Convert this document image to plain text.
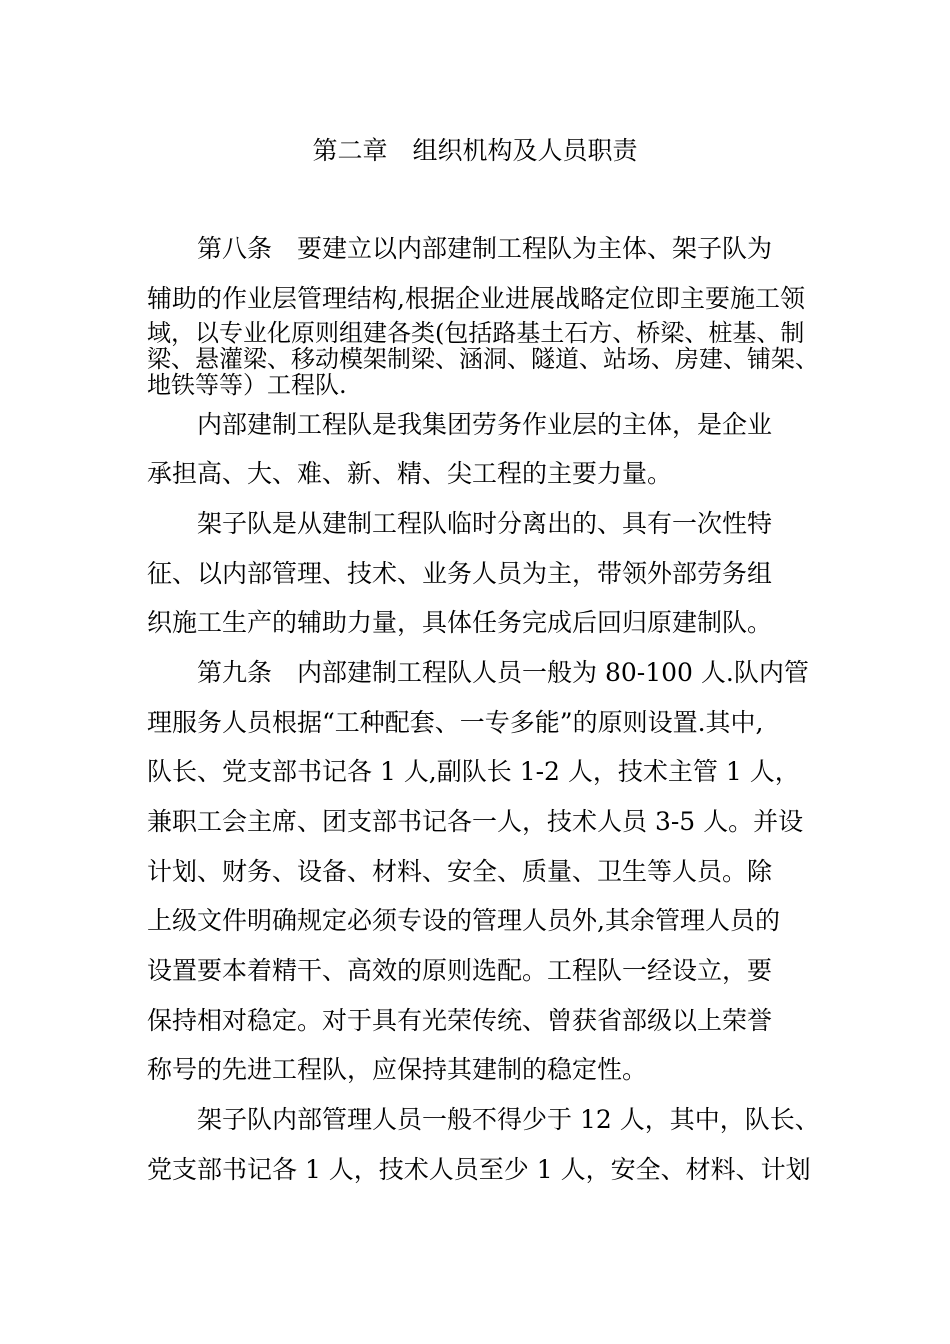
第二章　组织机构及人员职责
　　第八条　要建立以内部建制工程队为主体、架子队为
辅助的作业层管理结构,根据企业进展战略定位即主要施工领
域，以专业化原则组建各类(包括路基土石方、桥梁、桩基、制
梁、悬灌梁、移动模架制梁、涵洞、隧道、站场、房建、铺架、
地铁等等）工程队.
　　内部建制工程队是我集团劳务作业层的主体，是企业
承担高、大、难、新、精、尖工程的主要力量。
　　架子队是从建制工程队临时分离出的、具有一次性特
征、以内部管理、技术、业务人员为主，带领外部劳务组
织施工生产的辅助力量，具体任务完成后回归原建制队。
　　第九条　内部建制工程队人员一般为 80-100 人.队内管
理服务人员根据“工种配套、一专多能”的原则设置.其中,
队长、党支部书记各 1 人,副队长 1-2 人，技术主管 1 人，
兼职工会主席、团支部书记各一人，技术人员 3-5 人。并设
计划、财务、设备、材料、安全、质量、卫生等人员。除
上级文件明确规定必须专设的管理人员外,其余管理人员的
设置要本着精干、高效的原则选配。工程队一经设立，要
保持相对稳定。对于具有光荣传统、曾获省部级以上荣誉
称号的先进工程队，应保持其建制的稳定性。
　　架子队内部管理人员一般不得少于 12 人，其中，队长、
党支部书记各 1 人，技术人员至少 1 人，安全、材料、计划
